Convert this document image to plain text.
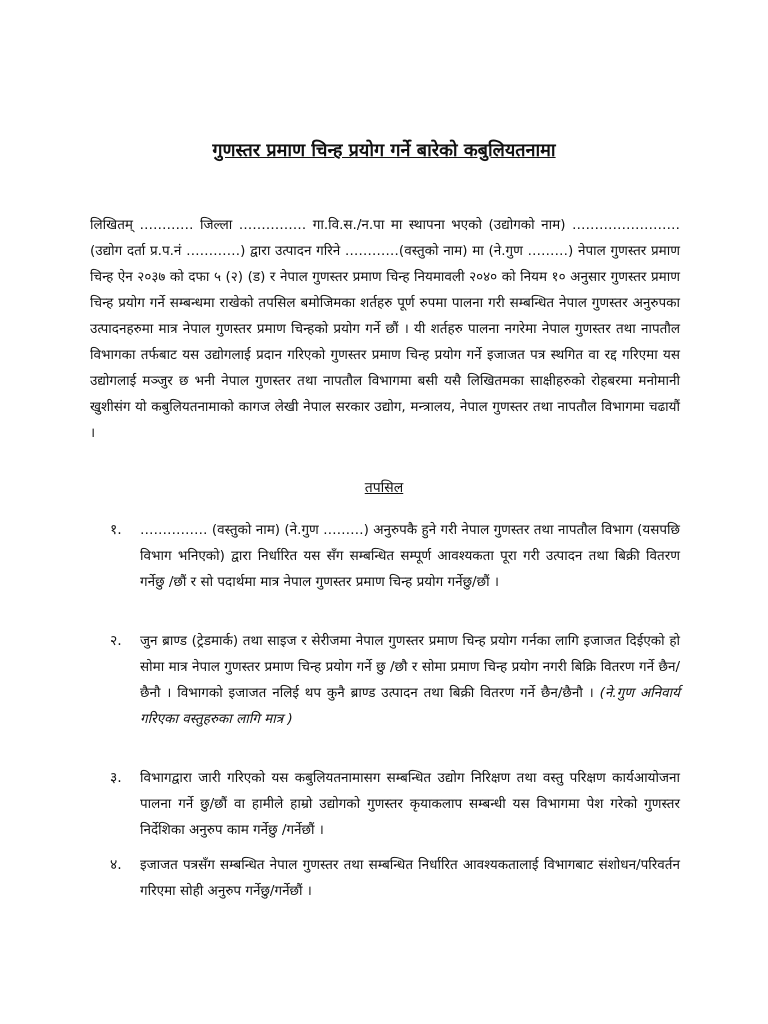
गुणस्तर प्रमाण चिन्ह प्रयोग गर्ने बारेको कबुलियतनामा

लिखितम् ………… जिल्ला …………… गा.वि.स./न.पा मा स्थापना भएको (उद्योगको नाम) …………………… (उद्योग दर्ता प्र.प.नं …………) द्वारा उत्पादन गरिने …………(वस्तुको नाम) मा (ने.गुण ………) नेपाल गुणस्तर प्रमाण चिन्ह ऐन २०३७ को दफा ५ (२) (ड) र नेपाल गुणस्तर प्रमाण चिन्ह नियमावली २०४० को नियम १० अनुसार गुणस्तर प्रमाण चिन्ह प्रयोग गर्ने सम्बन्धमा राखेको तपसिल बमोजिमका शर्तहरु पूर्ण रुपमा पालना गरी सम्बन्धित नेपाल गुणस्तर अनुरुपका उत्पादनहरुमा मात्र नेपाल गुणस्तर प्रमाण चिन्हको प्रयोग गर्ने छौं । यी शर्तहरु पालना नगरेमा नेपाल गुणस्तर तथा नापतौल विभागका तर्फबाट यस उद्योगलाई प्रदान गरिएको गुणस्तर प्रमाण चिन्ह प्रयोग गर्ने इजाजत पत्र स्थगित वा रद्द गरिएमा यस उद्योगलाई मञ्जुर छ भनी नेपाल गुणस्तर तथा नापतौल विभागमा बसी यसै लिखितमका साक्षीहरुको रोहबरमा मनोमानी खुशीसंग यो कबुलियतनामाको कागज लेखी नेपाल सरकार उद्योग, मन्त्रालय, नेपाल गुणस्तर तथा नापतौल विभागमा चढायौं ।

तपसिल
१. …………… (वस्तुको नाम) (ने.गुण ………) अनुरुपकै हुने गरी नेपाल गुणस्तर तथा नापतौल विभाग (यसपछि विभाग भनिएको) द्वारा निर्धारित यस सँग सम्बन्धित सम्पूर्ण आवश्यकता पूरा गरी उत्पादन तथा बिक्री वितरण गर्नेछु /छौं र सो पदार्थमा मात्र नेपाल गुणस्तर प्रमाण चिन्ह प्रयोग गर्नेछु/छौं ।

२. जुन ब्राण्ड (ट्रेडमार्क) तथा साइज र सेरीजमा नेपाल गुणस्तर प्रमाण चिन्ह प्रयोग गर्नका लागि इजाजत दिईएको हो सोमा मात्र नेपाल गुणस्तर प्रमाण चिन्ह प्रयोग गर्ने छु /छौ र सोमा प्रमाण चिन्ह प्रयोग नगरी बिक्रि वितरण गर्ने छैन/छैनौ । विभागको इजाजत नलिई थप कुनै ब्राण्ड उत्पादन तथा बिक्री वितरण गर्ने छैन/छैनौ । (ने.गुण अनिवार्य गरिएका वस्तुहरुका लागि मात्र )

३. विभागद्वारा जारी गरिएको यस कबुलियतनामासग सम्बन्धित उद्योग निरिक्षण तथा वस्तु परिक्षण कार्यआयोजना पालना गर्ने छु/छौं वा हामीले हाम्रो उद्योगको गुणस्तर कृयाकलाप सम्बन्धी यस विभागमा पेश गरेको गुणस्तर निर्देशिका अनुरुप काम गर्नेछु /गर्नेछौं ।

४. इजाजत पत्रसँग सम्बन्धित नेपाल गुणस्तर तथा सम्बन्धित निर्धारित आवश्यकतालाई विभागबाट संशोधन/परिवर्तन गरिएमा सोही अनुरुप गर्नेछु/गर्नेछौं ।
